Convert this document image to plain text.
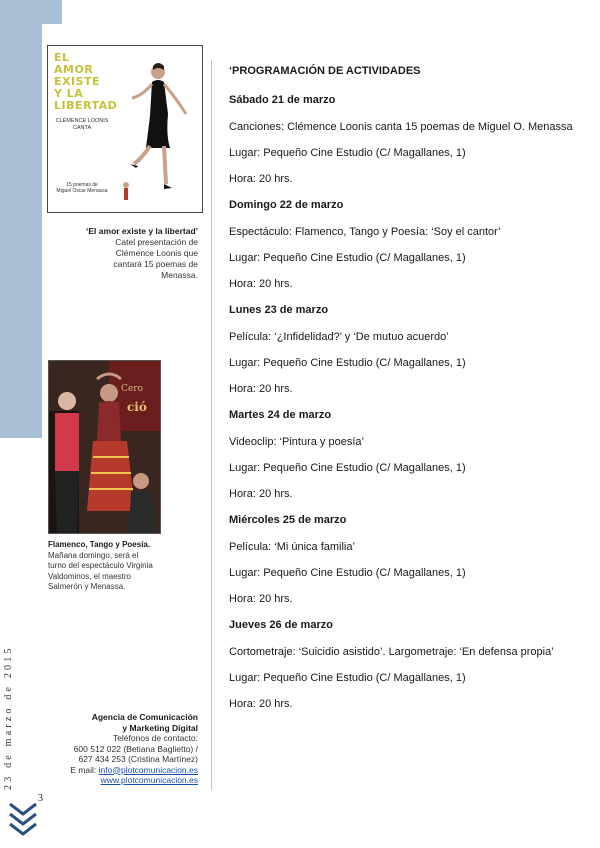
EL
AMOR
EXISTE
Y LA
LIBERTAD
CLÉMENCE LOONIS
CANTA
15 poemas de
Miguel Oscar Menassa
‘El amor existe y la libertad’
Catel presentación de
Clémence Loonis que
cantará 15 poemas de
Menassa.
Cero
ció
Flamenco, Tango y Poesía.
Mañana domingo, será el
turno del espectáculo Virginia
Valdominos, el maestro
Salmerón y Menassa.
Agencia de Comunicación
y Marketing Digital
Teléfonos de contacto:
600 512 022 (Betiana Baglietto) /
627 434 253 (Cristina Martínez)
E mail: info@plotcomunicacion.es
www.plotcomunicacion.es
23 de marzo de 2015
3

‘PROGRAMACIÓN DE ACTIVIDADES

Sábado 21 de marzo

Canciones: Clémence Loonis canta 15 poemas de Miguel O. Menassa

Lugar: Pequeño Cine Estudio (C/ Magallanes, 1)

Hora: 20 hrs.

Domingo 22 de marzo

Espectáculo: Flamenco, Tango y Poesía: ‘Soy el cantor’

Lugar: Pequeño Cine Estudio (C/ Magallanes, 1)

Hora: 20 hrs.

Lunes 23 de marzo

Película: ‘¿Infidelidad?’ y ‘De mutuo acuerdo’

Lugar: Pequeño Cine Estudio (C/ Magallanes, 1)

Hora: 20 hrs.

Martes 24 de marzo

Videoclip: ‘Pintura y poesía’

Lugar: Pequeño Cine Estudio (C/ Magallanes, 1)

Hora: 20 hrs.

Miércoles 25 de marzo

Película: ‘Mi única familia’

Lugar: Pequeño Cine Estudio (C/ Magallanes, 1)

Hora: 20 hrs.

Jueves 26 de marzo

Cortometraje: ‘Suicidio asistido’. Largometraje: ‘En defensa propia’

Lugar: Pequeño Cine Estudio (C/ Magallanes, 1)

Hora: 20 hrs.
